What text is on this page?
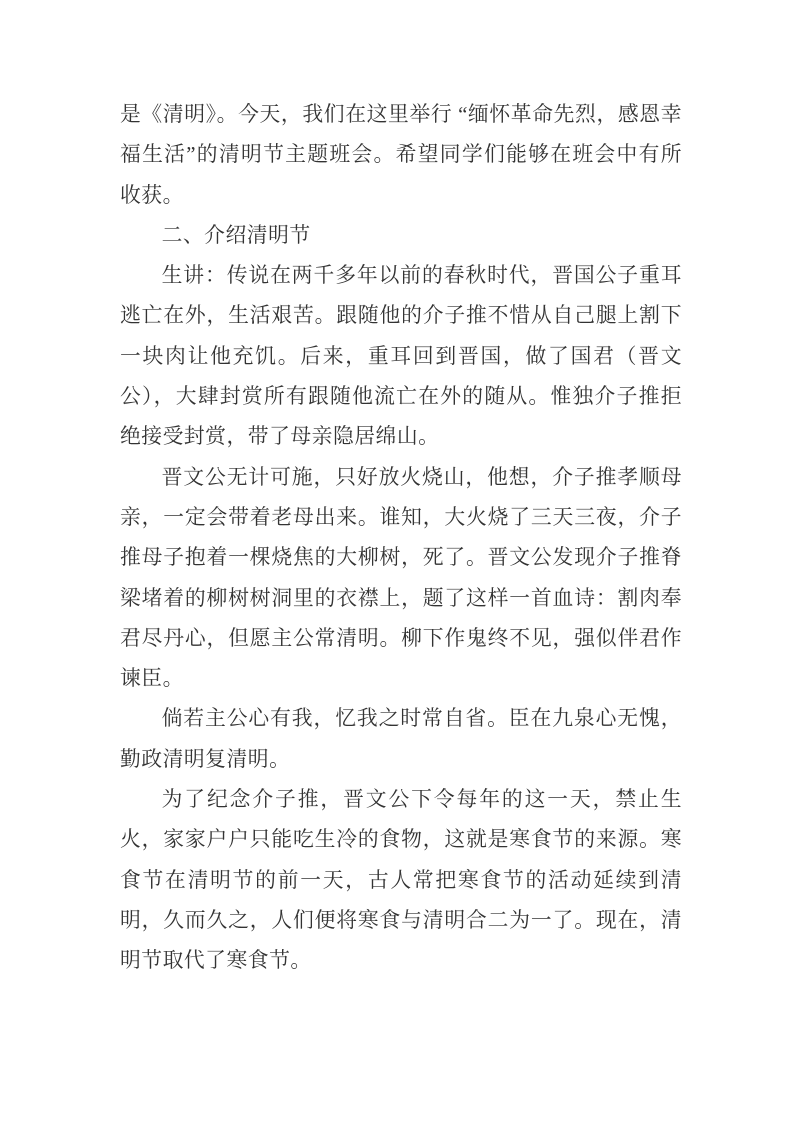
是《清明》。今天，我们在这里举行 “缅怀革命先烈，感恩幸福生活”的清明节主题班会。希望同学们能够在班会中有所收获。

二、介绍清明节

生讲：传说在两千多年以前的春秋时代，晋国公子重耳逃亡在外，生活艰苦。跟随他的介子推不惜从自己腿上割下一块肉让他充饥。后来，重耳回到晋国，做了国君（晋文公），大肆封赏所有跟随他流亡在外的随从。惟独介子推拒绝接受封赏，带了母亲隐居绵山。

晋文公无计可施，只好放火烧山，他想，介子推孝顺母亲，一定会带着老母出来。谁知，大火烧了三天三夜，介子推母子抱着一棵烧焦的大柳树，死了。晋文公发现介子推脊梁堵着的柳树树洞里的衣襟上，题了这样一首血诗：割肉奉君尽丹心，但愿主公常清明。柳下作鬼终不见，强似伴君作谏臣。

倘若主公心有我，忆我之时常自省。臣在九泉心无愧，勤政清明复清明。

为了纪念介子推，晋文公下令每年的这一天，禁止生火，家家户户只能吃生冷的食物，这就是寒食节的来源。寒食节在清明节的前一天，古人常把寒食节的活动延续到清明，久而久之，人们便将寒食与清明合二为一了。现在，清明节取代了寒食节。
